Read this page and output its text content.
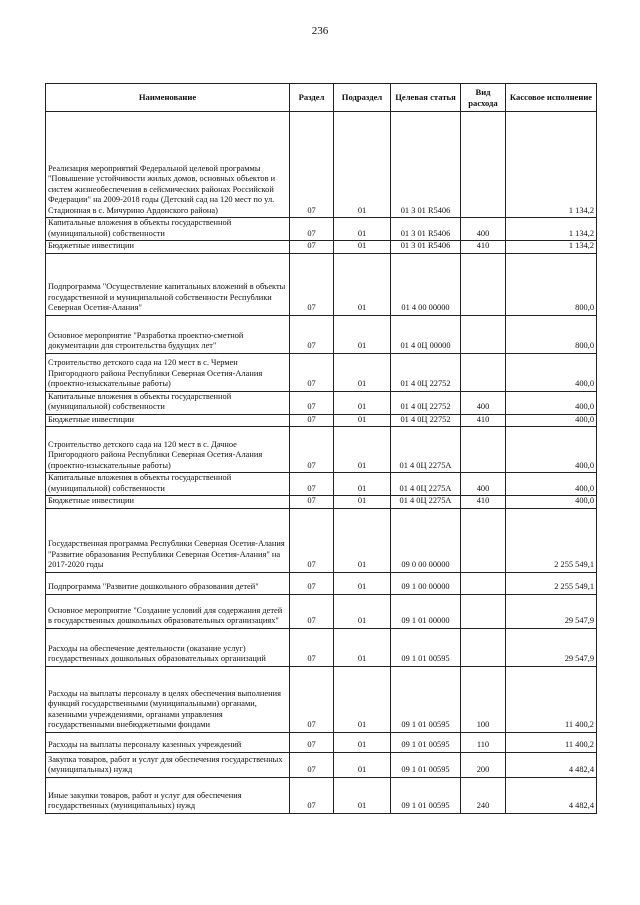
236
Наименование	Раздел	Подраздел	Целевая статья	Вид расхода	Кассовое исполнение
Реализация мероприятий Федеральной целевой программы "Повышение устойчивости жилых домов, основных объектов и систем жизнеобеспечения в сейсмических районах Российской Федерации" на 2009-2018 годы (Детский сад на 120 мест по ул. Стадионная в с. Мичурино Ардонского района)	07	01	01 3 01 R5406		1 134,2
Капитальные вложения в объекты государственной (муниципальной) собственности	07	01	01 3 01 R5406	400	1 134,2
Бюджетные инвестиции	07	01	01 3 01 R5406	410	1 134,2
Подпрограмма "Осуществление капитальных вложений в объекты государственной и муниципальной собственности Республики Северная Осетия-Алания"	07	01	01 4 00 00000		800,0
Основное мероприятие "Разработка проектно-сметной документации для строительства будущих лет"	07	01	01 4 0Ц 00000		800,0
Строительство детского сада на 120 мест в с. Чермен Пригородного района Республики Северная Осетия-Алания (проектно-изыскательные работы)	07	01	01 4 0Ц 22752		400,0
Капитальные вложения в объекты государственной (муниципальной) собственности	07	01	01 4 0Ц 22752	400	400,0
Бюджетные инвестиции	07	01	01 4 0Ц 22752	410	400,0
Строительство детского сада на 120 мест в с. Дачное Пригородного района Республики Северная Осетия-Алания (проектно-изыскательные работы)	07	01	01 4 0Ц 2275А		400,0
Капитальные вложения в объекты государственной (муниципальной) собственности	07	01	01 4 0Ц 2275А	400	400,0
Бюджетные инвестиции	07	01	01 4 0Ц 2275А	410	400,0
Государственная программа Республики Северная Осетия-Алания "Развитие образования Республики Северная Осетия-Алания" на 2017-2020 годы	07	01	09 0 00 00000		2 255 549,1
Подпрограмма "Развитие дошкольного образования детей"	07	01	09 1 00 00000		2 255 549,1
Основное мероприятие "Создание условий для содержания детей в государственных дошкольных образовательных организациях"	07	01	09 1 01 00000		29 547,9
Расходы на обеспечение деятельности (оказание услуг) государственных дошкольных образовательных организаций	07	01	09 1 01 00595		29 547,9
Расходы на выплаты персоналу в целях обеспечения выполнения функций государственными (муниципальными) органами, казенными учреждениями, органами управления государственными внебюджетными фондами	07	01	09 1 01 00595	100	11 400,2
Расходы на выплаты персоналу казенных учреждений	07	01	09 1 01 00595	110	11 400,2
Закупка товаров, работ и услуг для обеспечения государственных (муниципальных) нужд	07	01	09 1 01 00595	200	4 482,4
Иные закупки товаров, работ и услуг для обеспечения государственных (муниципальных) нужд	07	01	09 1 01 00595	240	4 482,4
